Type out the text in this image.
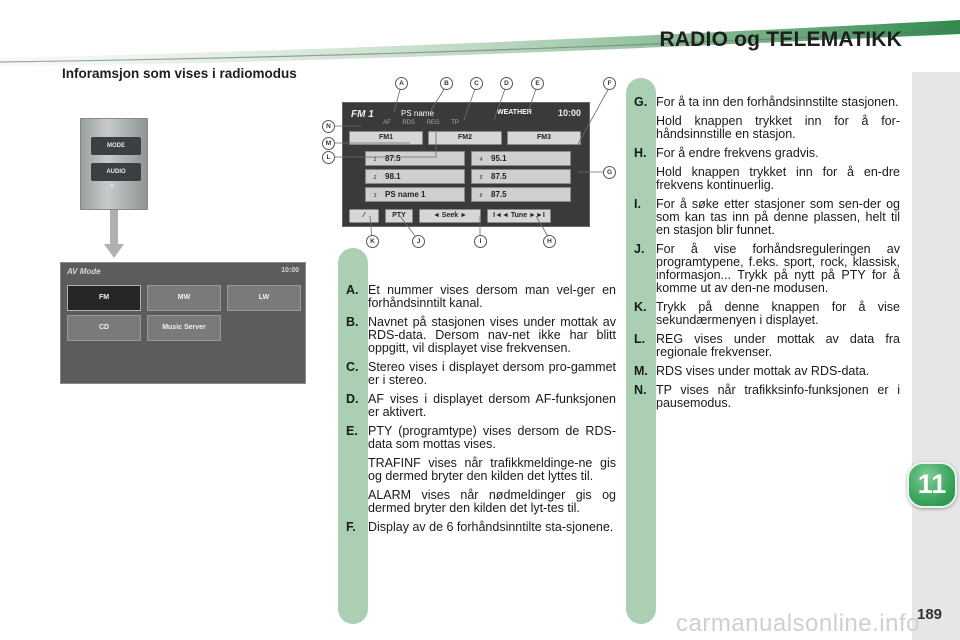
RADIO og TELEMATIKK
Inforamsjon som vises i radiomodus
11
189
carmanualsonline.info
MODE
AUDIO
+
AV Mode	10:00
FM	MW	LW
CD	Music Server
FM 1	PS name	WEATHER	10:00
AF RDS REG TP
FM1	FM2	FM3
1 87.5
2 98.1
3 PS name 1
4 95.1
5 87.5
6 87.5
⁄	PTY	◄ Seek ►	I◄◄ Tune ►►I
A	B	C	D	E	F
G
H
I
J
K
L
M
N
A. Et nummer vises dersom man vel-ger en forhåndsinntilt kanal.

B. Navnet på stasjonen vises under mottak av RDS-data. Dersom nav-net ikke har blitt oppgitt, vil displayet vise frekvensen.

C. Stereo vises i displayet dersom pro-gammet er i stereo.

D. AF vises i displayet dersom AF-funksjonen er aktivert.

E. PTY (programtype) vises dersom de RDS-data som mottas vises.

TRAFINF vises når trafikkmeldinge-ne gis og dermed bryter den kilden det lyttes til.

ALARM vises når nødmeldinger gis og dermed bryter den kilden det lyt-tes til.

F. Display av de 6 forhåndsinntilte sta-sjonene.

G. For å ta inn den forhåndsinnstilte stasjonen.

Hold knappen trykket inn for å for-håndsinnstille en stasjon.

H. For å endre frekvens gradvis.

Hold knappen trykket inn for å en-dre frekvens kontinuerlig.

I.	For å søke etter stasjoner som sen-der og som kan tas inn på denne plassen, helt til en stasjon blir funnet.

J. For å vise forhåndsreguleringen av programtypene, f.eks. sport, rock, klassisk, informasjon... Trykk på nytt på PTY for å komme ut av den-ne modusen.

K. Trykk på denne knappen for å vise sekundærmenyen i displayet.

L. REG vises under mottak av data fra regionale frekvenser.

M. RDS vises under mottak av RDS-data.

N. TP vises når trafikksinfo-funksjonen er i pausemodus.
